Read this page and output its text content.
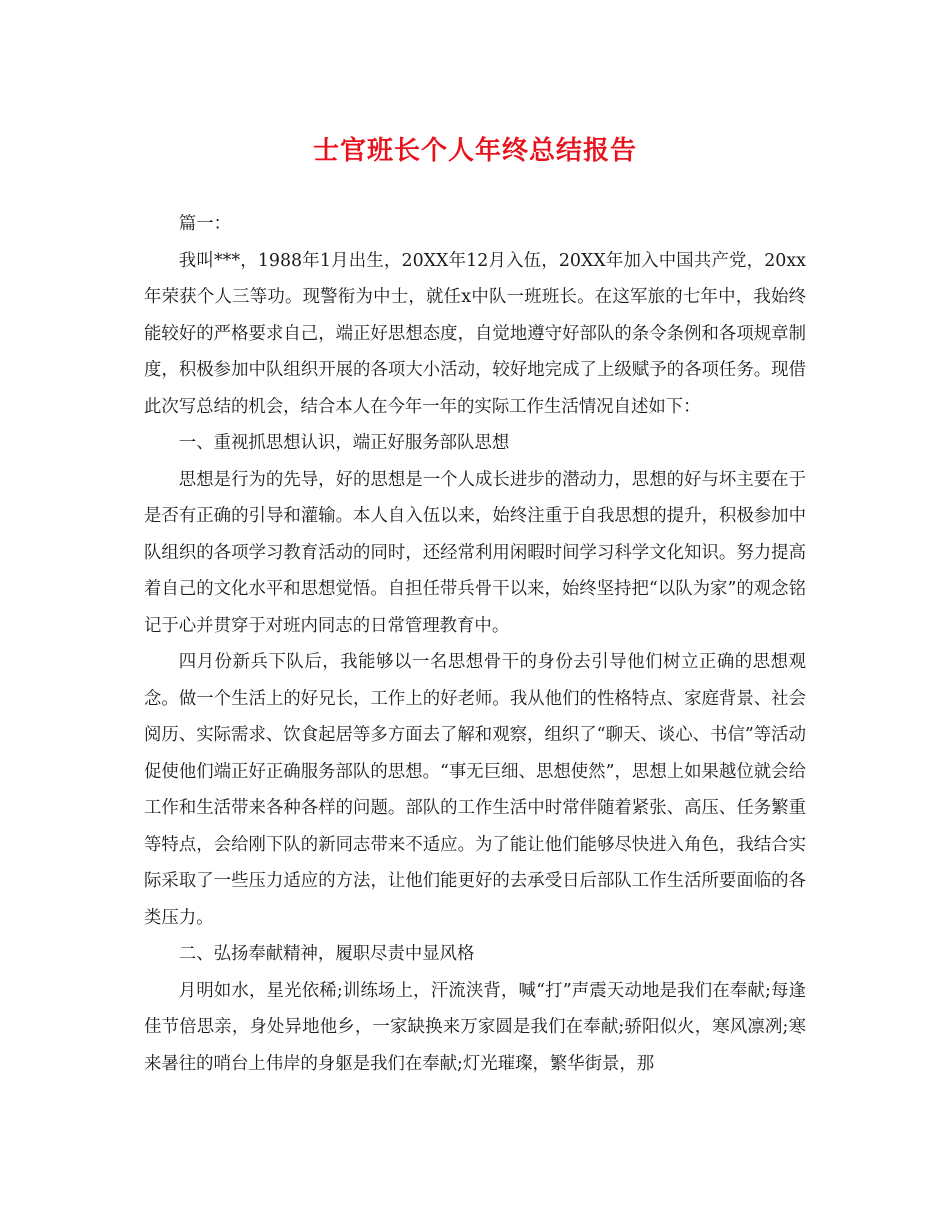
士官班长个人年终总结报告

篇一：

我叫***，1988年1月出生，20XX年12月入伍，20XX年加入中国共产党，20xx年荣获个人三等功。现警衔为中士，就任x中队一班班长。在这军旅的七年中，我始终能较好的严格要求自己，端正好思想态度，自觉地遵守好部队的条令条例和各项规章制度，积极参加中队组织开展的各项大小活动，较好地完成了上级赋予的各项任务。现借此次写总结的机会，结合本人在今年一年的实际工作生活情况自述如下：

一、重视抓思想认识，端正好服务部队思想

思想是行为的先导，好的思想是一个人成长进步的潜动力，思想的好与坏主要在于是否有正确的引导和灌输。本人自入伍以来，始终注重于自我思想的提升，积极参加中队组织的各项学习教育活动的同时，还经常利用闲暇时间学习科学文化知识。努力提高着自己的文化水平和思想觉悟。自担任带兵骨干以来，始终坚持把“以队为家”的观念铭记于心并贯穿于对班内同志的日常管理教育中。

四月份新兵下队后，我能够以一名思想骨干的身份去引导他们树立正确的思想观念。做一个生活上的好兄长，工作上的好老师。我从他们的性格特点、家庭背景、社会阅历、实际需求、饮食起居等多方面去了解和观察，组织了“聊天、谈心、书信”等活动促使他们端正好正确服务部队的思想。“事无巨细、思想使然”，思想上如果越位就会给工作和生活带来各种各样的问题。部队的工作生活中时常伴随着紧张、高压、任务繁重等特点，会给刚下队的新同志带来不适应。为了能让他们能够尽快进入角色，我结合实际采取了一些压力适应的方法，让他们能更好的去承受日后部队工作生活所要面临的各类压力。

二、弘扬奉献精神，履职尽责中显风格

月明如水，星光依稀;训练场上，汗流浃背，喊“打”声震天动地是我们在奉献;每逢佳节倍思亲，身处异地他乡，一家缺换来万家圆是我们在奉献;骄阳似火，寒风凛冽;寒来暑往的哨台上伟岸的身躯是我们在奉献;灯光璀璨，繁华街景，那
